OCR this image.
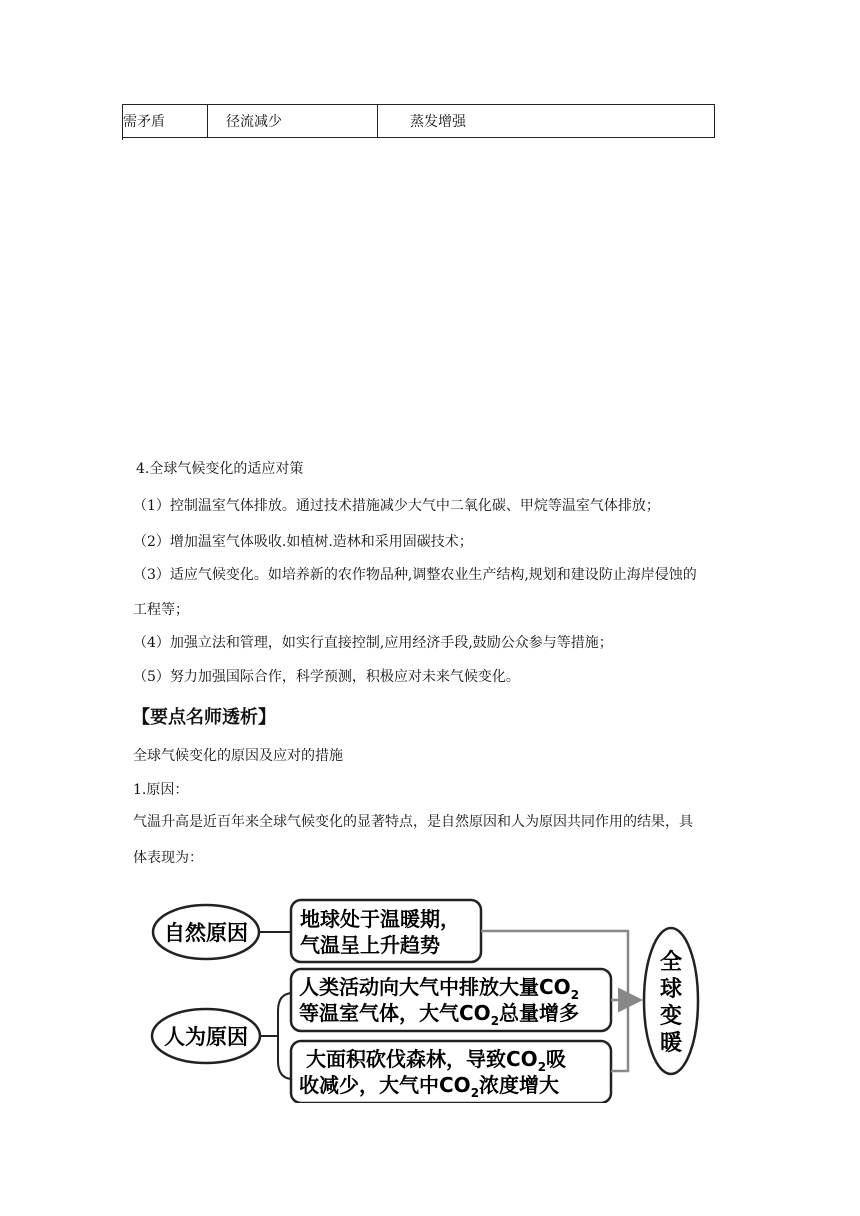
需矛盾	径流减少	蒸发增强
4.全球气候变化的适应对策
（1）控制温室气体排放。通过技术措施减少大气中二氧化碳、甲烷等温室气体排放；
（2）增加温室气体吸收.如植树.造林和采用固碳技术；
（3）适应气候变化。如培养新的农作物品种,调整农业生产结构,规划和建设防止海岸侵蚀的
工程等；
（4）加强立法和管理，如实行直接控制,应用经济手段,鼓励公众参与等措施；
（5）努力加强国际合作，科学预测，积极应对未来气候变化。
【要点名师透析】
全球气候变化的原因及应对的措施
1.原因：
气温升高是近百年来全球气候变化的显著特点，是自然原因和人为原因共同作用的结果，具
体表现为：
自然原因
人为原因
地球处于温暖期，
气温呈上升趋势
人类活动向大气中排放大量$CO_2$
等温室气体，大气$CO_2$总量增多
大面积砍伐森林，导致$CO_2$吸
收减少，大气中$CO_2$浓度增大
全
球
变
暖
